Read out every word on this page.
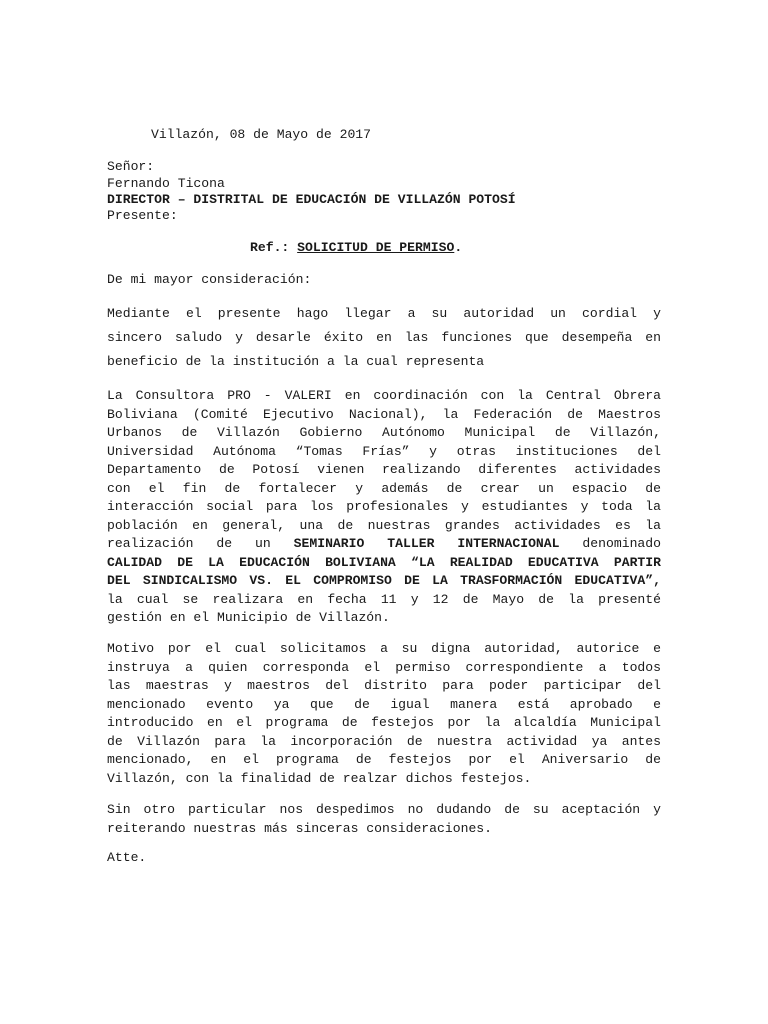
Villazón, 08 de Mayo de 2017
Señor:
Fernando Ticona
DIRECTOR – DISTRITAL DE EDUCACIÓN DE VILLAZÓN POTOSÍ
Presente:
Ref.: SOLICITUD DE PERMISO.
De mi mayor consideración:
Mediante el presente hago llegar a su autoridad un cordial y
sincero saludo y desarle éxito en las funciones que desempeña en
beneficio de la institución a la cual representa
La Consultora PRO - VALERI en coordinación con la Central Obrera
Boliviana (Comité Ejecutivo Nacional), la Federación de Maestros
Urbanos de Villazón Gobierno Autónomo Municipal de Villazón,
Universidad Autónoma “Tomas Frías” y otras instituciones del
Departamento de Potosí vienen realizando diferentes actividades
con el fin de fortalecer y además de crear un espacio de
interacción social para los profesionales y estudiantes y toda la
población en general, una de nuestras grandes actividades es la
realización de un SEMINARIO TALLER INTERNACIONAL denominado
CALIDAD DE LA EDUCACIÓN BOLIVIANA “LA REALIDAD EDUCATIVA PARTIR
DEL SINDICALISMO VS. EL COMPROMISO DE LA TRASFORMACIÓN EDUCATIVA”,
la cual se realizara en fecha 11 y 12 de Mayo de la presenté
gestión en el Municipio de Villazón.
Motivo por el cual solicitamos a su digna autoridad, autorice e
instruya a quien corresponda el permiso correspondiente a todos
las maestras y maestros del distrito para poder participar del
mencionado evento ya que de igual manera está aprobado e
introducido en el programa de festejos por la alcaldía Municipal
de Villazón para la incorporación de nuestra actividad ya antes
mencionado, en el programa de festejos por el Aniversario de
Villazón, con la finalidad de realzar dichos festejos.
Sin otro particular nos despedimos no dudando de su aceptación y
reiterando nuestras más sinceras consideraciones.
Atte.
